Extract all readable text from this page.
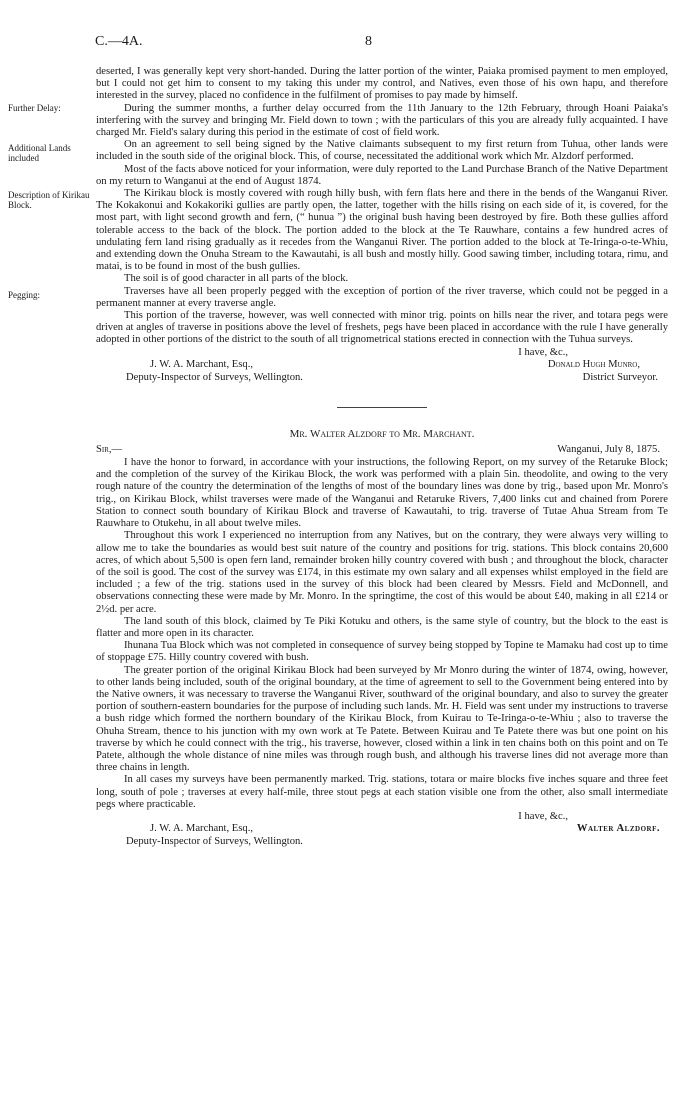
C.—4A.	8

deserted, I was generally kept very short-handed. During the latter portion of the winter, Paiaka promised payment to men employed, but I could not get him to consent to my taking this under my control, and Natives, even those of his own hapu, and therefore interested in the survey, placed no confidence in the fulfilment of promises to pay made by himself.

Further Delay:	During the summer months, a further delay occurred from the 11th January to the 12th February, through Hoani Paiaka's interfering with the survey and bringing Mr. Field down to town ; with the particulars of this you are already fully acquainted. I have charged Mr. Field's salary during this period in the estimate of cost of field work.

Additional Lands included
On an agreement to sell being signed by the Native claimants subsequent to my first return from Tuhua, other lands were included in the south side of the original block. This, of course, necessitated the additional work which Mr. Alzdorf performed.

Most of the facts above noticed for your information, were duly reported to the Land Purchase Branch of the Native Department on my return to Wanganui at the end of August 1874.

Description of Kirikau Block.
The Kirikau block is mostly covered with rough hilly bush, with fern flats here and there in the bends of the Wanganui River. The Kokakonui and Kokakoriki gullies are partly open, the latter, together with the hills rising on each side of it, is covered, for the most part, with light second growth and fern, (“ hunua ”) the original bush having been destroyed by fire. Both these gullies afford tolerable access to the back of the block. The portion added to the block at the Te Rauwhare, contains a few hundred acres of undulating fern land rising gradually as it recedes from the Wanganui River. The portion added to the block at Te-Iringa-o-te-Whiu, and extending down the Onuha Stream to the Kawautahi, is all bush and mostly hilly. Good sawing timber, including totara, rimu, and matai, is to be found in most of the bush gullies.

The soil is of good character in all parts of the block.

Pegging:	Traverses have all been properly pegged with the exception of portion of the river traverse, which could not be pegged in a permanent manner at every traverse angle.

This portion of the traverse, however, was well connected with minor trig. points on hills near the river, and totara pegs were driven at angles of traverse in positions above the level of freshets, pegs have been placed in accordance with the rule I have generally adopted in other portions of the district to the south of all trignometrical stations erected in connection with the Tuhua surveys.

I have, &c.,

J. W. A. Marchant, Esq.,
Deputy-Inspector of Surveys, Wellington.
Donald Hugh Munro,
District Surveyor.
Mr. Walter Alzdorf to Mr. Marchant.
Sir,—	Wanganui, July 8, 1875.

I have the honor to forward, in accordance with your instructions, the following Report, on my survey of the Retaruke Block; and the completion of the survey of the Kirikau Block, the work was performed with a plain 5in. theodolite, and owing to the very rough nature of the country the determination of the lengths of most of the boundary lines was done by trig., based upon Mr. Monro's trig., on Kirikau Block, whilst traverses were made of the Wanganui and Retaruke Rivers, 7,400 links cut and chained from Porere Station to connect south boundary of Kirikau Block and traverse of Kawautahi, to trig. traverse of Tutae Ahua Stream from Te Rauwhare to Otukehu, in all about twelve miles.

Throughout this work I experienced no interruption from any Natives, but on the contrary, they were always very willing to allow me to take the boundaries as would best suit nature of the country and positions for trig. stations. This block contains 20,600 acres, of which about 5,500 is open fern land, remainder broken hilly country covered with bush ; and throughout the block, character of the soil is good. The cost of the survey was £174, in this estimate my own salary and all expenses whilst employed in the field are included ; a few of the trig. stations used in the survey of this block had been cleared by Messrs. Field and McDonnell, and observations connecting these were made by Mr. Monro. In the springtime, the cost of this would be about £40, making in all £214 or 2½d. per acre.

The land south of this block, claimed by Te Piki Kotuku and others, is the same style of country, but the block to the east is flatter and more open in its character.

Ihunana Tua Block which was not completed in consequence of survey being stopped by Topine te Mamaku had cost up to time of stoppage £75. Hilly country covered with bush.

The greater portion of the original Kirikau Block had been surveyed by Mr Monro during the winter of 1874, owing, however, to other lands being included, south of the original boundary, at the time of agreement to sell to the Government being entered into by the Native owners, it was necessary to traverse the Wanganui River, southward of the original boundary, and also to survey the greater portion of southern-eastern boundaries for the purpose of including such lands. Mr. H. Field was sent under my instructions to traverse a bush ridge which formed the northern boundary of the Kirikau Block, from Kuirau to Te-Iringa-o-te-Whiu ; also to traverse the Ohuha Stream, thence to his junction with my own work at Te Patete. Between Kuirau and Te Patete there was but one point on his traverse by which he could connect with the trig., his traverse, however, closed within a link in ten chains both on this point and on Te Patete, although the whole distance of nine miles was through rough bush, and although his traverse lines did not average more than three chains in length.

In all cases my surveys have been permanently marked. Trig. stations, totara or mairе blocks five inches square and three feet long, south of pole ; traverses at every half-mile, three stout pegs at each station visible one from the other, also small intermediate pegs where practicable.

I have, &c.,

J. W. A. Marchant, Esq.,
Deputy-Inspector of Surveys, Wellington.
Walter Alzdorf.
